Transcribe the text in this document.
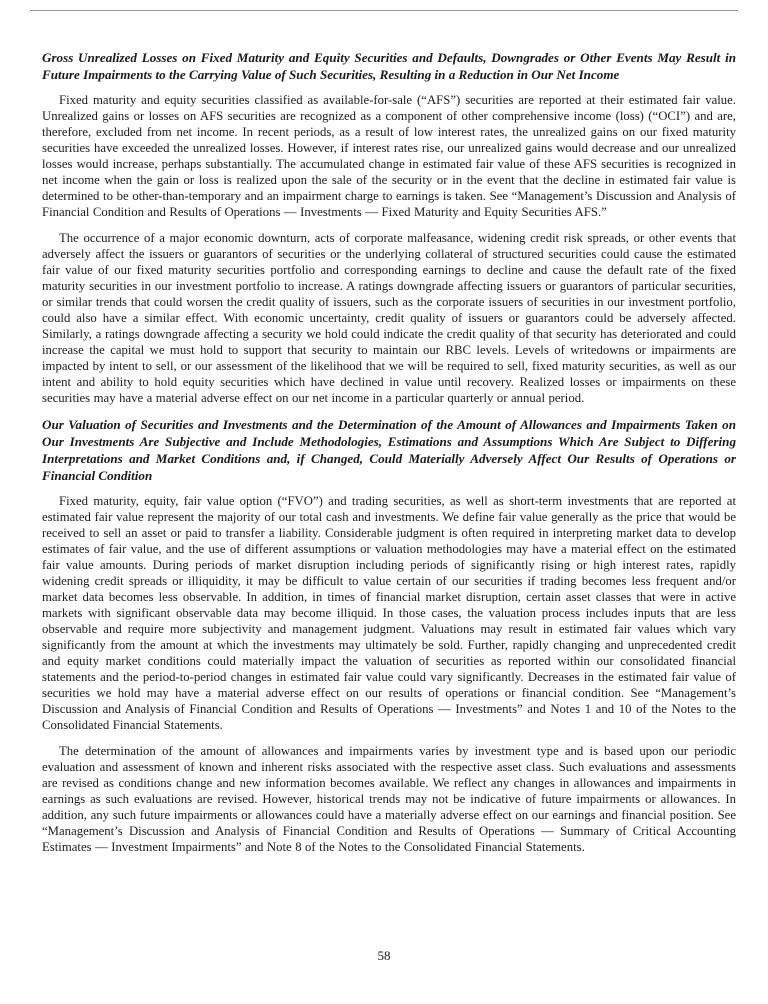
Gross Unrealized Losses on Fixed Maturity and Equity Securities and Defaults, Downgrades or Other Events May Result in Future Impairments to the Carrying Value of Such Securities, Resulting in a Reduction in Our Net Income

Fixed maturity and equity securities classified as available-for-sale (“AFS”) securities are reported at their estimated fair value. Unrealized gains or losses on AFS securities are recognized as a component of other comprehensive income (loss) (“OCI”) and are, therefore, excluded from net income. In recent periods, as a result of low interest rates, the unrealized gains on our fixed maturity securities have exceeded the unrealized losses. However, if interest rates rise, our unrealized gains would decrease and our unrealized losses would increase, perhaps substantially. The accumulated change in estimated fair value of these AFS securities is recognized in net income when the gain or loss is realized upon the sale of the security or in the event that the decline in estimated fair value is determined to be other-than-temporary and an impairment charge to earnings is taken. See “Management’s Discussion and Analysis of Financial Condition and Results of Operations — Investments — Fixed Maturity and Equity Securities AFS.”

The occurrence of a major economic downturn, acts of corporate malfeasance, widening credit risk spreads, or other events that adversely affect the issuers or guarantors of securities or the underlying collateral of structured securities could cause the estimated fair value of our fixed maturity securities portfolio and corresponding earnings to decline and cause the default rate of the fixed maturity securities in our investment portfolio to increase. A ratings downgrade affecting issuers or guarantors of particular securities, or similar trends that could worsen the credit quality of issuers, such as the corporate issuers of securities in our investment portfolio, could also have a similar effect. With economic uncertainty, credit quality of issuers or guarantors could be adversely affected. Similarly, a ratings downgrade affecting a security we hold could indicate the credit quality of that security has deteriorated and could increase the capital we must hold to support that security to maintain our RBC levels. Levels of writedowns or impairments are impacted by intent to sell, or our assessment of the likelihood that we will be required to sell, fixed maturity securities, as well as our intent and ability to hold equity securities which have declined in value until recovery. Realized losses or impairments on these securities may have a material adverse effect on our net income in a particular quarterly or annual period.

Our Valuation of Securities and Investments and the Determination of the Amount of Allowances and Impairments Taken on Our Investments Are Subjective and Include Methodologies, Estimations and Assumptions Which Are Subject to Differing Interpretations and Market Conditions and, if Changed, Could Materially Adversely Affect Our Results of Operations or Financial Condition

Fixed maturity, equity, fair value option (“FVO”) and trading securities, as well as short-term investments that are reported at estimated fair value represent the majority of our total cash and investments. We define fair value generally as the price that would be received to sell an asset or paid to transfer a liability. Considerable judgment is often required in interpreting market data to develop estimates of fair value, and the use of different assumptions or valuation methodologies may have a material effect on the estimated fair value amounts. During periods of market disruption including periods of significantly rising or high interest rates, rapidly widening credit spreads or illiquidity, it may be difficult to value certain of our securities if trading becomes less frequent and/or market data becomes less observable. In addition, in times of financial market disruption, certain asset classes that were in active markets with significant observable data may become illiquid. In those cases, the valuation process includes inputs that are less observable and require more subjectivity and management judgment. Valuations may result in estimated fair values which vary significantly from the amount at which the investments may ultimately be sold. Further, rapidly changing and unprecedented credit and equity market conditions could materially impact the valuation of securities as reported within our consolidated financial statements and the period-to-period changes in estimated fair value could vary significantly. Decreases in the estimated fair value of securities we hold may have a material adverse effect on our results of operations or financial condition. See “Management’s Discussion and Analysis of Financial Condition and Results of Operations — Investments” and Notes 1 and 10 of the Notes to the Consolidated Financial Statements.

The determination of the amount of allowances and impairments varies by investment type and is based upon our periodic evaluation and assessment of known and inherent risks associated with the respective asset class. Such evaluations and assessments are revised as conditions change and new information becomes available. We reflect any changes in allowances and impairments in earnings as such evaluations are revised. However, historical trends may not be indicative of future impairments or allowances. In addition, any such future impairments or allowances could have a materially adverse effect on our earnings and financial position. See “Management’s Discussion and Analysis of Financial Condition and Results of Operations — Summary of Critical Accounting Estimates — Investment Impairments” and Note 8 of the Notes to the Consolidated Financial Statements.

58
